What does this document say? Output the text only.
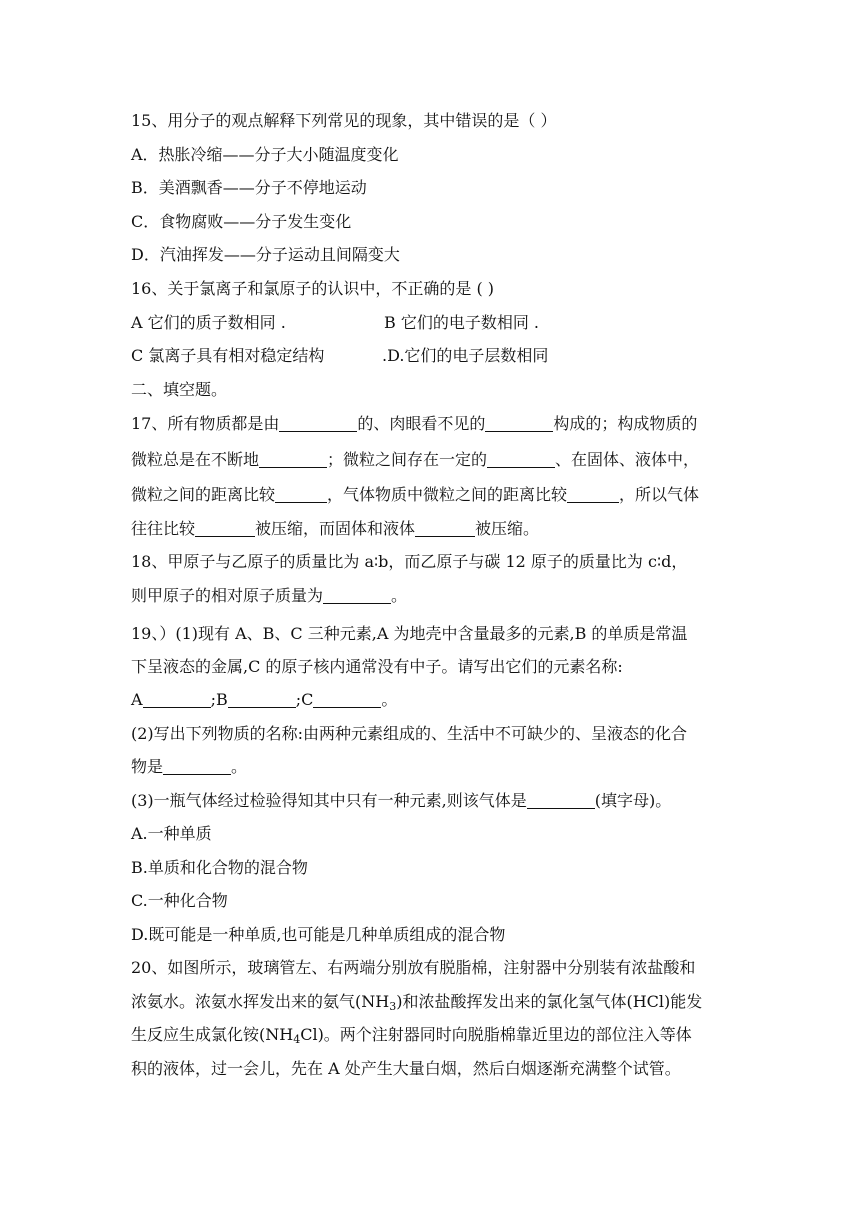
15、用分子的观点解释下列常见的现象，其中错误的是（ ）
A．热胀冷缩——分子大小随温度变化
B．美酒飘香——分子不停地运动
C．食物腐败——分子发生变化
D．汽油挥发——分子运动且间隔变大
16、关于氯离子和氯原子的认识中，不正确的是 ( )
A 它们的质子数相同 .	B 它们的电子数相同 .
C 氯离子具有相对稳定结构	.D.它们的电子层数相同
二、填空题。
17、所有物质都是由	的、肉眼看不见的	构成的；构成物质的
微粒总是在不断地	；微粒之间存在一定的	、在固体、液体中，
微粒之间的距离比较	，气体物质中微粒之间的距离比较	，所以气体
往往比较	被压缩，而固体和液体	被压缩。
18、甲原子与乙原子的质量比为 a∶b，而乙原子与碳 12 原子的质量比为 c∶d，
则甲原子的相对原子质量为	。
19、）(1)现有 A、B、C 三种元素,A 为地壳中含量最多的元素,B 的单质是常温
下呈液态的金属,C 的原子核内通常没有中子。请写出它们的元素名称:
A	;B	;C	。
(2)写出下列物质的名称:由两种元素组成的、生活中不可缺少的、呈液态的化合
物是	。
(3)一瓶气体经过检验得知其中只有一种元素,则该气体是	(填字母)。
A.一种单质
B.单质和化合物的混合物
C.一种化合物
D.既可能是一种单质,也可能是几种单质组成的混合物
20、如图所示，玻璃管左、右两端分别放有脱脂棉，注射器中分别装有浓盐酸和
浓氨水。浓氨水挥发出来的氨气$(NH_3)$和浓盐酸挥发出来的氯化氢气体(HCl)能发
生反应生成氯化铵$(NH_4Cl)$。两个注射器同时向脱脂棉靠近里边的部位注入等体
积的液体，过一会儿，先在 A 处产生大量白烟，然后白烟逐渐充满整个试管。
